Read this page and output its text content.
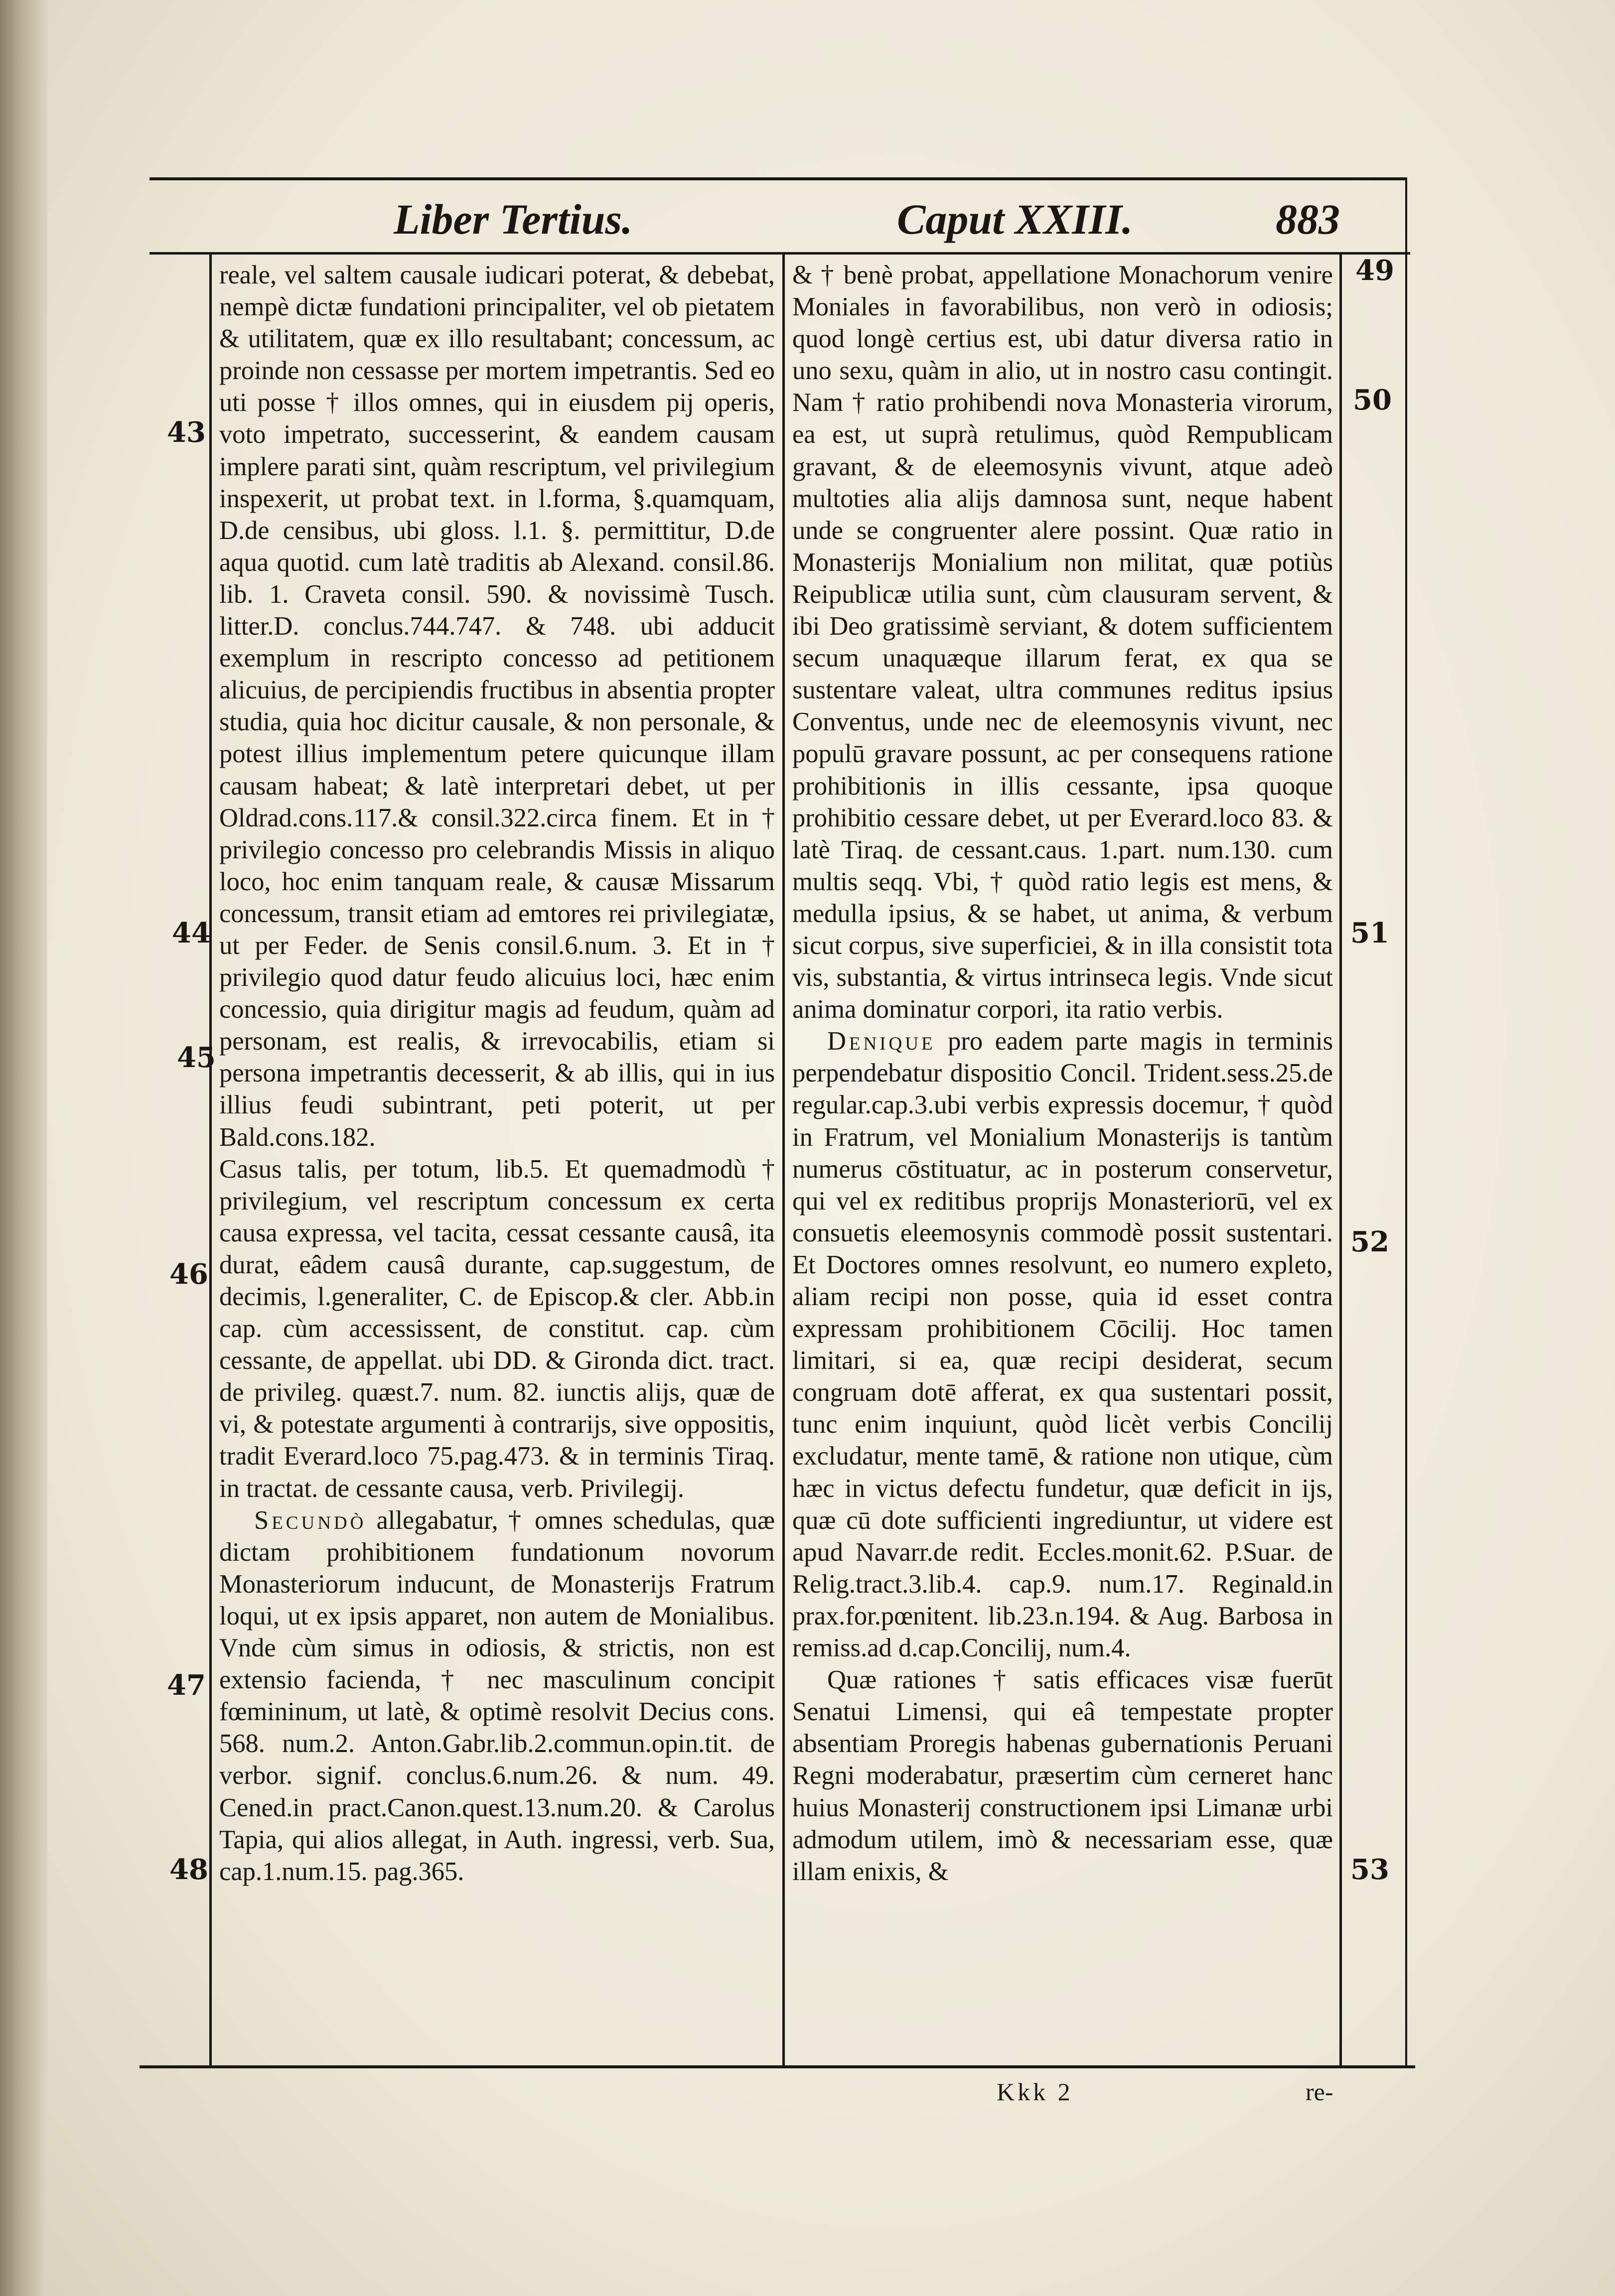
Liber Tertius.	Caput XXIII.	883

reale, vel saltem causale iudicari poterat, & debebat, nempè dictæ fundationi principaliter, vel ob pietatem & utilitatem, quæ ex illo resultabant; concessum, ac proinde non cessasse per mortem impetrantis. Sed eo uti posse † illos omnes, qui in eiusdem pij operis, voto impetrato, successerint, & eandem causam implere parati sint, quàm rescriptum, vel privilegium inspexerit, ut probat text. in l.forma, §.quamquam, D.de censibus, ubi gloss. l.1. §. permittitur, D.de aqua quotid. cum latè traditis ab Alexand. consil.86. lib. 1. Craveta consil. 590. & novissimè Tusch. litter.D. conclus.744.747. & 748. ubi adducit exemplum in rescripto concesso ad petitionem alicuius, de percipiendis fructibus in absentia propter studia, quia hoc dicitur causale, & non personale, & potest illius implementum petere quicunque illam causam habeat; & latè interpretari debet, ut per Oldrad.cons.117.& consil.322.circa finem. Et in † privilegio concesso pro celebrandis Missis in aliquo loco, hoc enim tanquam reale, & causæ Missarum concessum, transit etiam ad emtores rei privilegiatæ, ut per Feder. de Senis consil.6.num. 3. Et in † privilegio quod datur feudo alicuius loci, hæc enim concessio, quia dirigitur magis ad feudum, quàm ad personam, est realis, & irrevocabilis, etiam si persona impetrantis decesserit, & ab illis, qui in ius illius feudi subintrant, peti poterit, ut per Bald.cons.182.

Casus talis, per totum, lib.5. Et quemadmodù † privilegium, vel rescriptum concessum ex certa causa expressa, vel tacita, cessat cessante causâ, ita durat, eâdem causâ durante, cap.suggestum, de decimis, l.generaliter, C. de Episcop.& cler. Abb.in cap. cùm accessissent, de constitut. cap. cùm cessante, de appellat. ubi DD. & Gironda dict. tract. de privileg. quæst.7. num. 82. iunctis alijs, quæ de vi, & potestate argumenti à contrarijs, sive oppositis, tradit Everard.loco 75.pag.473. & in terminis Tiraq. in tractat. de cessante causa, verb. Privilegij.

Secundò allegabatur, † omnes schedulas, quæ dictam prohibitionem fundationum novorum Monasteriorum inducunt, de Monasterijs Fratrum loqui, ut ex ipsis apparet, non autem de Monialibus. Vnde cùm simus in odiosis, & strictis, non est extensio facienda, † nec masculinum concipit fœmininum, ut latè, & optimè resolvit Decius cons. 568. num.2. Anton.Gabr.lib.2.commun.opin.tit. de verbor. signif. conclus.6.num.26. & num. 49. Cened.in pract.Canon.quest.13.num.20. & Carolus Tapia, qui alios allegat, in Auth. ingressi, verb. Sua, cap.1.num.15. pag.365.

& † benè probat, appellatione Monachorum venire Moniales in favorabilibus, non verò in odiosis; quod longè certius est, ubi datur diversa ratio in uno sexu, quàm in alio, ut in nostro casu contingit. Nam † ratio prohibendi nova Monasteria virorum, ea est, ut suprà retulimus, quòd Rempublicam gravant, & de eleemosynis vivunt, atque adeò multoties alia alijs damnosa sunt, neque habent unde se congruenter alere possint. Quæ ratio in Monasterijs Monialium non militat, quæ potiùs Reipublicæ utilia sunt, cùm clausuram servent, & ibi Deo gratissimè serviant, & dotem sufficientem secum unaquæque illarum ferat, ex qua se sustentare valeat, ultra communes reditus ipsius Conventus, unde nec de eleemosynis vivunt, nec populū gravare possunt, ac per consequens ratione prohibitionis in illis cessante, ipsa quoque prohibitio cessare debet, ut per Everard.loco 83. & latè Tiraq. de cessant.caus. 1.part. num.130. cum multis seqq. Vbi, † quòd ratio legis est mens, & medulla ipsius, & se habet, ut anima, & verbum sicut corpus, sive superficiei, & in illa consistit tota vis, substantia, & virtus intrinseca legis. Vnde sicut anima dominatur corpori, ita ratio verbis.

Denique pro eadem parte magis in terminis perpendebatur dispositio Concil. Trident.sess.25.de regular.cap.3.ubi verbis expressis docemur, † quòd in Fratrum, vel Monialium Monasterijs is tantùm numerus cōstituatur, ac in posterum conservetur, qui vel ex reditibus proprijs Monasteriorū, vel ex consuetis eleemosynis commodè possit sustentari. Et Doctores omnes resolvunt, eo numero expleto, aliam recipi non posse, quia id esset contra expressam prohibitionem Cōcilij. Hoc tamen limitari, si ea, quæ recipi desiderat, secum congruam dotē afferat, ex qua sustentari possit, tunc enim inquiunt, quòd licèt verbis Concilij excludatur, mente tamē, & ratione non utique, cùm hæc in victus defectu fundetur, quæ deficit in ijs, quæ cū dote sufficienti ingrediuntur, ut videre est apud Navarr.de redit. Eccles.monit.62. P.Suar. de Relig.tract.3.lib.4. cap.9. num.17. Reginald.in prax.for.pœnitent. lib.23.n.194. & Aug. Barbosa in remiss.ad d.cap.Concilij, num.4.

Quæ rationes † satis efficaces visæ fuerūt Senatui Limensi, qui eâ tempestate propter absentiam Proregis habenas gubernationis Peruani Regni moderabatur, præsertim cùm cerneret hanc huius Monasterij constructionem ipsi Limanæ urbi admodum utilem, imò & necessariam esse, quæ illam enixis, &

43
44
45
46
47
48
49
50
51
52
53
Kkk 2	re-
